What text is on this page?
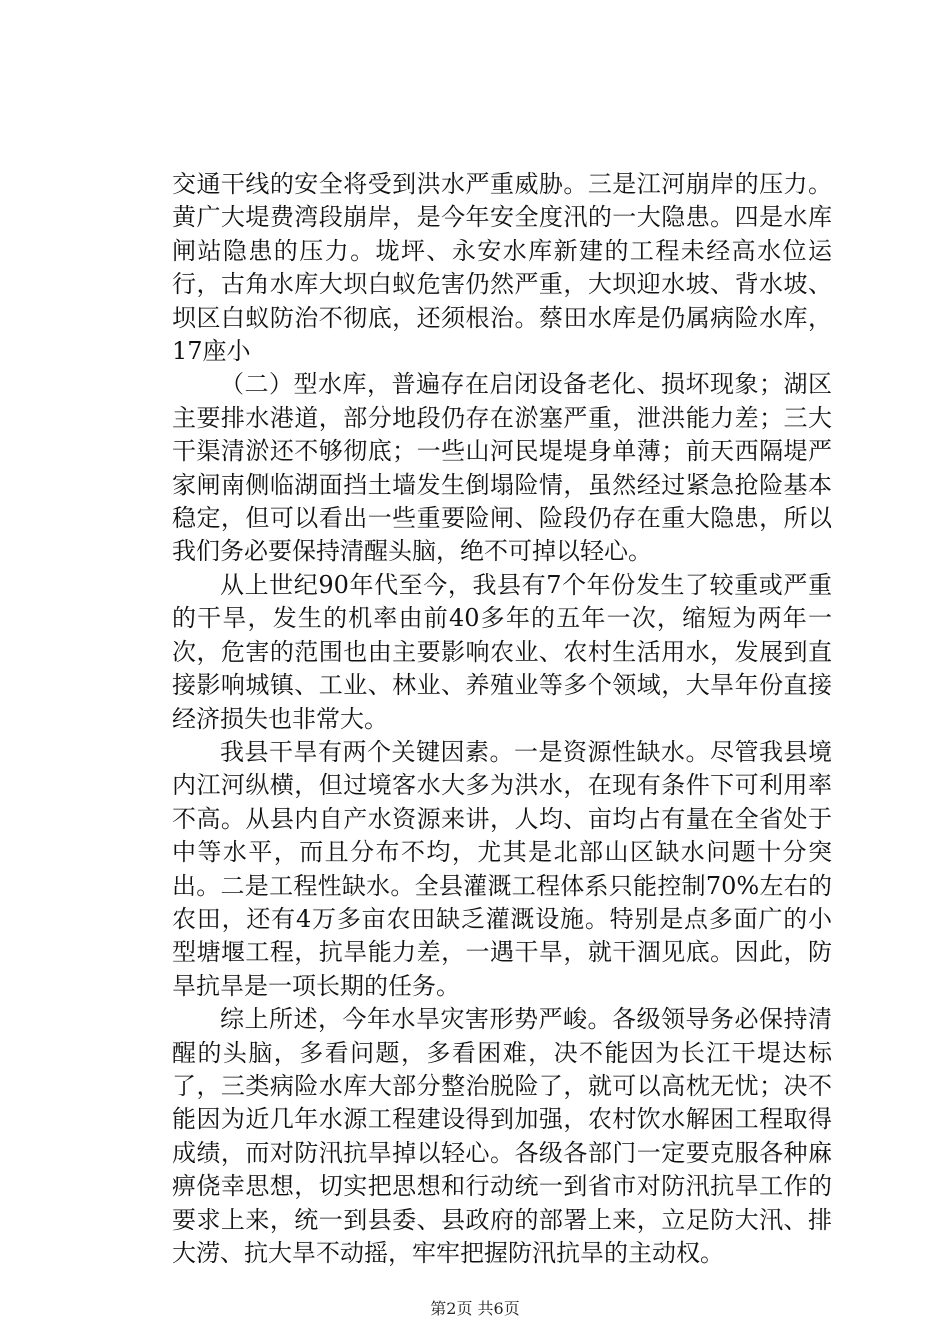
交通干线的安全将受到洪水严重威胁。三是江河崩岸的压力。黄广大堤费湾段崩岸，是今年安全度汛的一大隐患。四是水库闸站隐患的压力。垅坪、永安水库新建的工程未经高水位运行，古角水库大坝白蚁危害仍然严重，大坝迎水坡、背水坡、坝区白蚁防治不彻底，还须根治。蔡田水库是仍属病险水库，17座小

（二）型水库，普遍存在启闭设备老化、损坏现象；湖区主要排水港道，部分地段仍存在淤塞严重，泄洪能力差；三大干渠清淤还不够彻底；一些山河民堤堤身单薄；前天西隔堤严家闸南侧临湖面挡土墙发生倒塌险情，虽然经过紧急抢险基本稳定，但可以看出一些重要险闸、险段仍存在重大隐患，所以我们务必要保持清醒头脑，绝不可掉以轻心。

从上世纪90年代至今，我县有7个年份发生了较重或严重的干旱，发生的机率由前40多年的五年一次，缩短为两年一次，危害的范围也由主要影响农业、农村生活用水，发展到直接影响城镇、工业、林业、养殖业等多个领域，大旱年份直接经济损失也非常大。

我县干旱有两个关键因素。一是资源性缺水。尽管我县境内江河纵横，但过境客水大多为洪水，在现有条件下可利用率不高。从县内自产水资源来讲，人均、亩均占有量在全省处于中等水平，而且分布不均，尤其是北部山区缺水问题十分突出。二是工程性缺水。全县灌溉工程体系只能控制70%左右的农田，还有4万多亩农田缺乏灌溉设施。特别是点多面广的小型塘堰工程，抗旱能力差，一遇干旱，就干涸见底。因此，防旱抗旱是一项长期的任务。

综上所述，今年水旱灾害形势严峻。各级领导务必保持清醒的头脑，多看问题，多看困难，决不能因为长江干堤达标了，三类病险水库大部分整治脱险了，就可以高枕无忧；决不能因为近几年水源工程建设得到加强，农村饮水解困工程取得成绩，而对防汛抗旱掉以轻心。各级各部门一定要克服各种麻痹侥幸思想，切实把思想和行动统一到省市对防汛抗旱工作的要求上来，统一到县委、县政府的部署上来，立足防大汛、排大涝、抗大旱不动摇，牢牢把握防汛抗旱的主动权。

第2页 共6页
